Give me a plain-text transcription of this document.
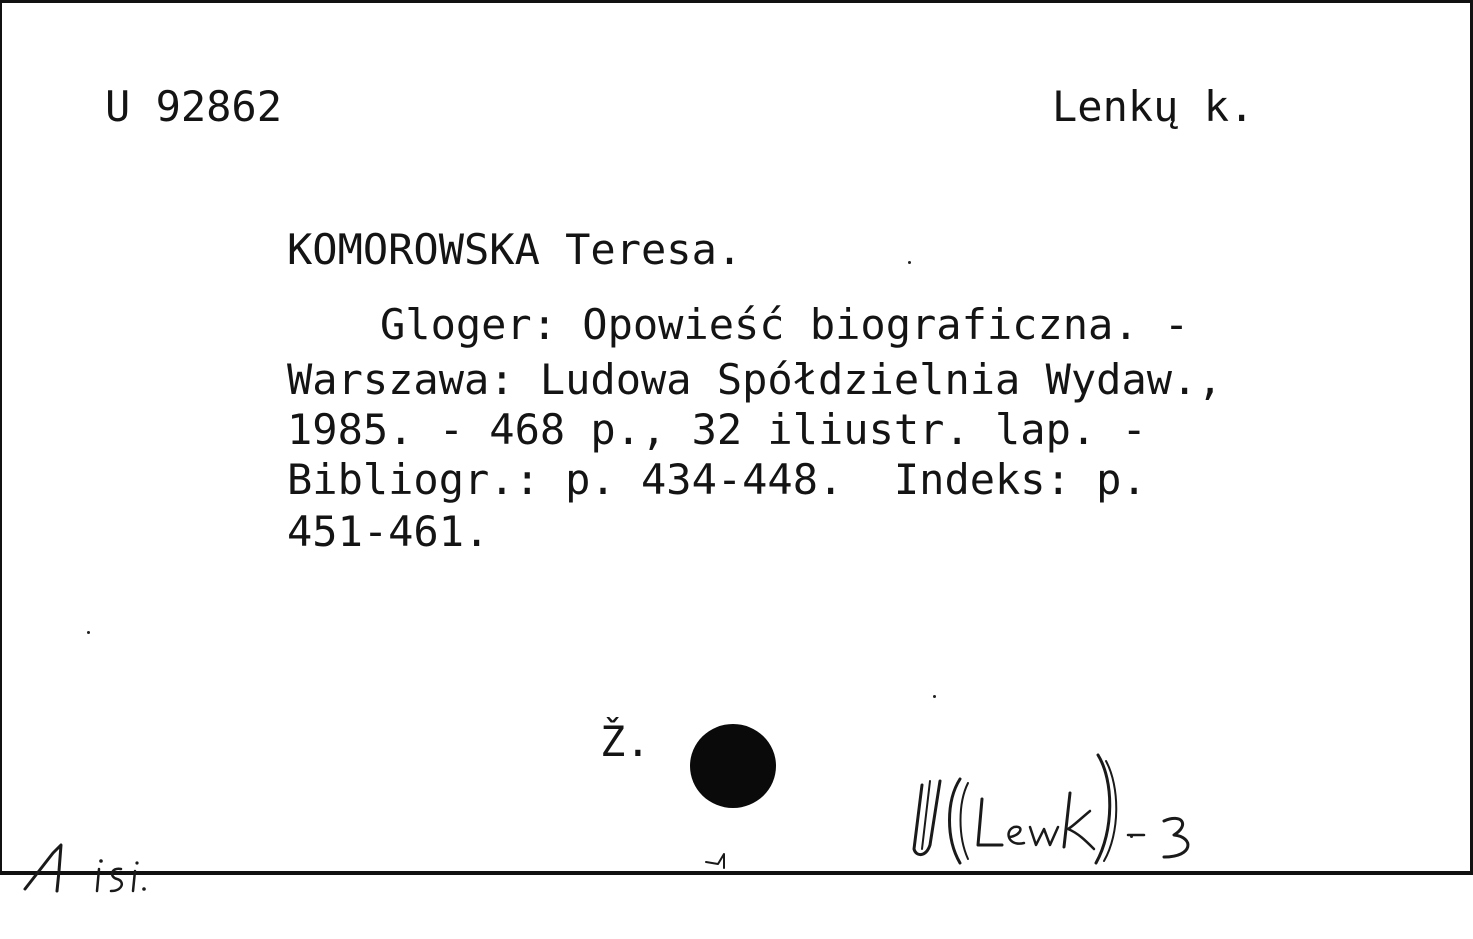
U 92862	Lenkų k.
KOMOROWSKA Teresa.
Gloger: Opowieść biograficzna. -
Warszawa: Ludowa Spółdzielnia Wydaw.,
1985. - 468 p., 32 iliustr. lap. -
Bibliogr.: p. 434-448.  Indeks: p.
451-461.
Ž.
